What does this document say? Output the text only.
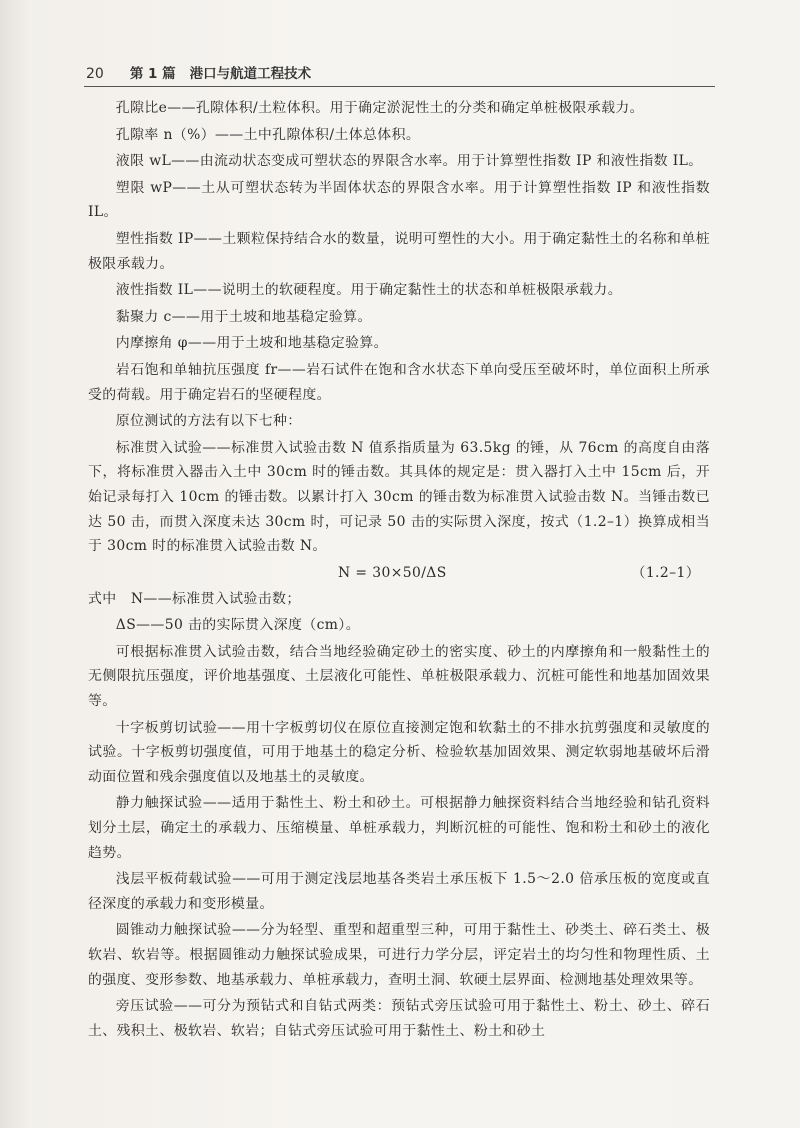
20 第 1 篇 港口与航道工程技术

孔隙比e——孔隙体积/土粒体积。用于确定淤泥性土的分类和确定单桩极限承载力。

孔隙率 n（%）——土中孔隙体积/土体总体积。

液限 wL——由流动状态变成可塑状态的界限含水率。用于计算塑性指数 IP 和液性指数 IL。

塑限 wP——土从可塑状态转为半固体状态的界限含水率。用于计算塑性指数 IP 和液性指数 IL。

塑性指数 IP——土颗粒保持结合水的数量，说明可塑性的大小。用于确定黏性土的名称和单桩极限承载力。

液性指数 IL——说明土的软硬程度。用于确定黏性土的状态和单桩极限承载力。

黏聚力 c——用于土坡和地基稳定验算。

内摩擦角 φ——用于土坡和地基稳定验算。

岩石饱和单轴抗压强度 fr——岩石试件在饱和含水状态下单向受压至破坏时，单位面积上所承受的荷载。用于确定岩石的坚硬程度。

原位测试的方法有以下七种：

标准贯入试验——标准贯入试验击数 N 值系指质量为 63.5kg 的锤，从 76cm 的高度自由落下，将标准贯入器击入土中 30cm 时的锤击数。其具体的规定是：贯入器打入土中 15cm 后，开始记录每打入 10cm 的锤击数。以累计打入 30cm 的锤击数为标准贯入试验击数 N。当锤击数已达 50 击，而贯入深度未达 30cm 时，可记录 50 击的实际贯入深度，按式（1.2–1）换算成相当于 30cm 时的标准贯入试验击数 N。

N = 30×50/ΔS	（1.2–1）

式中　N——标准贯入试验击数；

ΔS——50 击的实际贯入深度（cm）。

可根据标准贯入试验击数，结合当地经验确定砂土的密实度、砂土的内摩擦角和一般黏性土的无侧限抗压强度，评价地基强度、土层液化可能性、单桩极限承载力、沉桩可能性和地基加固效果等。

十字板剪切试验——用十字板剪切仪在原位直接测定饱和软黏土的不排水抗剪强度和灵敏度的试验。十字板剪切强度值，可用于地基土的稳定分析、检验软基加固效果、测定软弱地基破坏后滑动面位置和残余强度值以及地基土的灵敏度。

静力触探试验——适用于黏性土、粉土和砂土。可根据静力触探资料结合当地经验和钻孔资料划分土层，确定土的承载力、压缩模量、单桩承载力，判断沉桩的可能性、饱和粉土和砂土的液化趋势。

浅层平板荷载试验——可用于测定浅层地基各类岩土承压板下 1.5～2.0 倍承压板的宽度或直径深度的承载力和变形模量。

圆锥动力触探试验——分为轻型、重型和超重型三种，可用于黏性土、砂类土、碎石类土、极软岩、软岩等。根据圆锥动力触探试验成果，可进行力学分层，评定岩土的均匀性和物理性质、土的强度、变形参数、地基承载力、单桩承载力，查明土洞、软硬土层界面、检测地基处理效果等。

旁压试验——可分为预钻式和自钻式两类：预钻式旁压试验可用于黏性土、粉土、砂土、碎石土、残积土、极软岩、软岩；自钻式旁压试验可用于黏性土、粉土和砂土
